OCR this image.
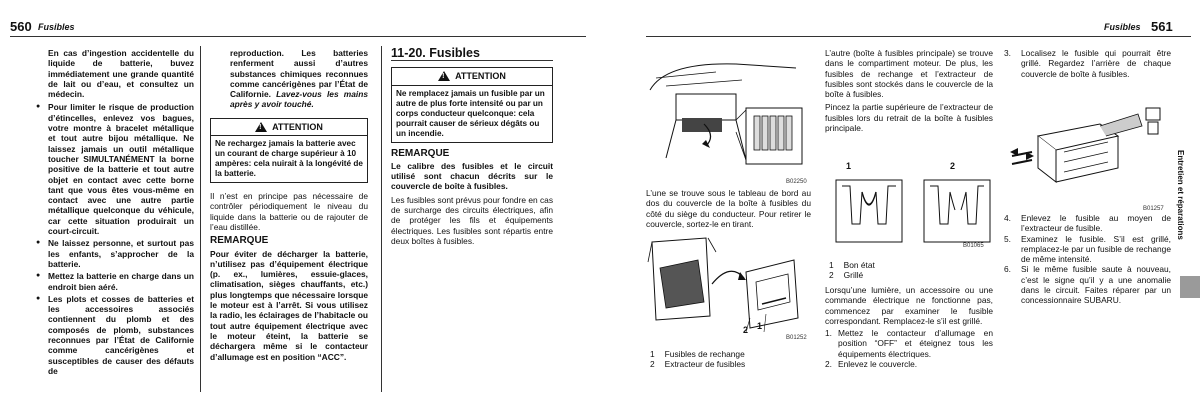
560 Fusibles
En cas d’ingestion accidentelle du liquide de batterie, buvez immédiatement une grande quantité de lait ou d’eau, et consultez un médecin.
● Pour limiter le risque de production d’étincelles, enlevez vos bagues, votre montre à bracelet métallique et tout autre bijou métallique. Ne laissez jamais un outil métallique toucher SIMULTANÉMENT la borne positive de la batterie et tout autre objet en contact avec cette borne tant que vous êtes vous-même en contact avec une autre partie métallique quelconque du véhicule, car cette situation produirait un court-circuit.
● Ne laissez personne, et surtout pas les enfants, s’approcher de la batterie.
● Mettez la batterie en charge dans un endroit bien aéré.
● Les plots et cosses de batteries et les accessoires associés contiennent du plomb et des composés de plomb, substances reconnues par l’État de Californie comme cancérigènes et susceptibles de causer des défauts de
reproduction. Les batteries renferment aussi d’autres substances chimiques reconnues comme cancérigènes par l’État de Californie. Lavez-vous les mains après y avoir touché.
! ATTENTION
Ne rechargez jamais la batterie avec un courant de charge supérieur à 10 ampères: cela nuirait à la longévité de la batterie.
Il n’est en principe pas nécessaire de contrôler périodiquement le niveau du liquide dans la batterie ou de rajouter de l’eau distillée.
REMARQUE
Pour éviter de décharger la batterie, n’utilisez pas d’équipement électrique (p. ex., lumières, essuie-glaces, climatisation, sièges chauffants, etc.) plus longtemps que nécessaire lorsque le moteur est à l’arrêt. Si vous utilisez la radio, les éclairages de l’habitacle ou tout autre équipement électrique avec le moteur éteint, la batterie se déchargera même si le contacteur d’allumage est en position “ACC”.
11-20. Fusibles
! ATTENTION
Ne remplacez jamais un fusible par un autre de plus forte intensité ou par un corps conducteur quelconque: cela pourrait causer de sérieux dégâts ou un incendie.
REMARQUE
Le calibre des fusibles et le circuit utilisé sont chacun décrits sur le couvercle de boîte à fusibles.
Les fusibles sont prévus pour fondre en cas de surcharge des circuits électriques, afin de protéger les fils et équipements électriques. Les fusibles sont répartis entre deux boîtes à fusibles.
Fusibles 561
B02250
L’une se trouve sous le tableau de bord au dos du couvercle de la boîte à fusibles du côté du siège du conducteur. Pour retirer le couvercle, sortez-le en tirant.
2 1
B01252
1 Fusibles de rechange
2 Extracteur de fusibles
L’autre (boîte à fusibles principale) se trouve dans le compartiment moteur. De plus, les fusibles de rechange et l’extracteur de fusibles sont stockés dans le couvercle de la boîte à fusibles.
Pincez la partie supérieure de l’extracteur de fusibles lors du retrait de la boîte à fusibles principale.
1	2
B01065
1 Bon état
2 Grillé
Lorsqu’une lumière, un accessoire ou une commande électrique ne fonctionne pas, commencez par examiner le fusible correspondant. Remplacez-le s’il est grillé.
1. Mettez le contacteur d’allumage en position “OFF” et éteignez tous les équipements électriques.
2. Enlevez le couvercle.
3.	Localisez le fusible qui pourrait être grillé. Regardez l’arrière de chaque couvercle de boîte à fusibles.
B01257
4.	Enlevez le fusible au moyen de l’extracteur de fusible.
5.	Examinez le fusible. S’il est grillé, remplacez-le par un fusible de rechange de même intensité.
6.	Si le même fusible saute à nouveau, c’est le signe qu’il y a une anomalie dans le circuit. Faites réparer par un concessionnaire SUBARU.
Entretien et réparations
